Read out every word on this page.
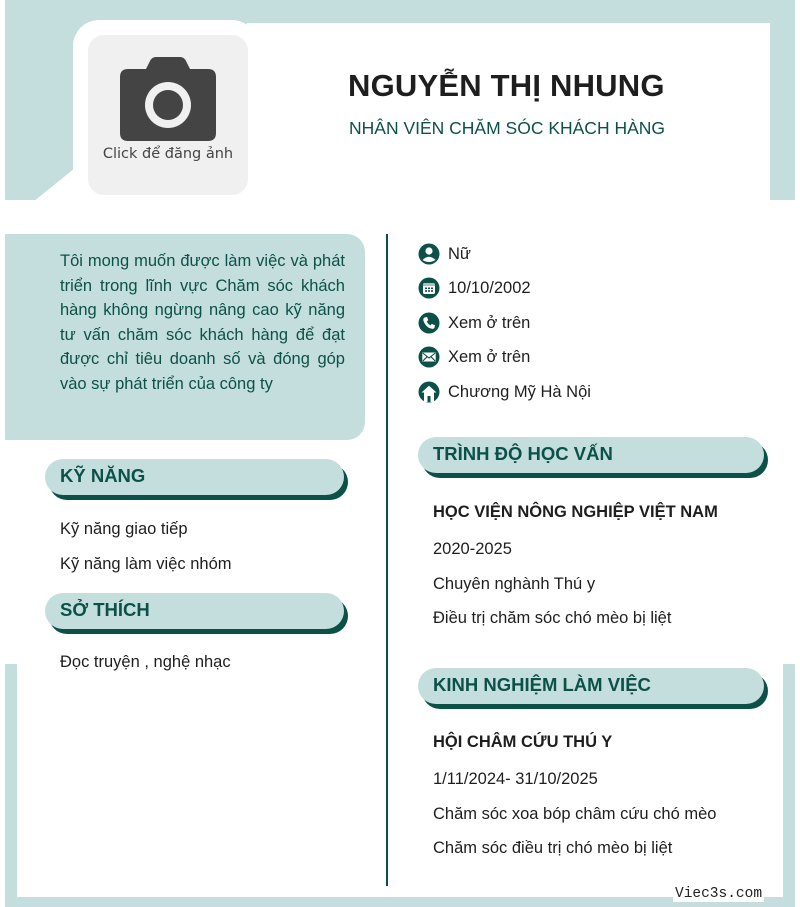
Click để đăng ảnh
NGUYỄN THỊ NHUNG
NHÂN VIÊN CHĂM SÓC KHÁCH HÀNG
Tôi mong muốn được làm việc và phát triển trong lĩnh vực Chăm sóc khách hàng không ngừng nâng cao kỹ năng tư vấn chăm sóc khách hàng để đạt được chỉ tiêu doanh số và đóng góp vào sự phát triển của công ty
Nữ
10/10/2002
Xem ở trên
Xem ở trên
Chương Mỹ Hà Nội
KỸ NĂNG
Kỹ năng giao tiếp
Kỹ năng làm việc nhóm
SỞ THÍCH
Đọc truyện , nghệ nhạc
TRÌNH ĐỘ HỌC VẤN
HỌC VIỆN NÔNG NGHIỆP VIỆT NAM
2020-2025
Chuyên nghành Thú y
Điều trị chăm sóc chó mèo bị liệt
KINH NGHIỆM LÀM VIỆC
HỘI CHÂM CỨU THÚ Y
1/11/2024- 31/10/2025
Chăm sóc xoa bóp châm cứu chó mèo
Chăm sóc điều trị chó mèo bị liệt
Viec3s.com
